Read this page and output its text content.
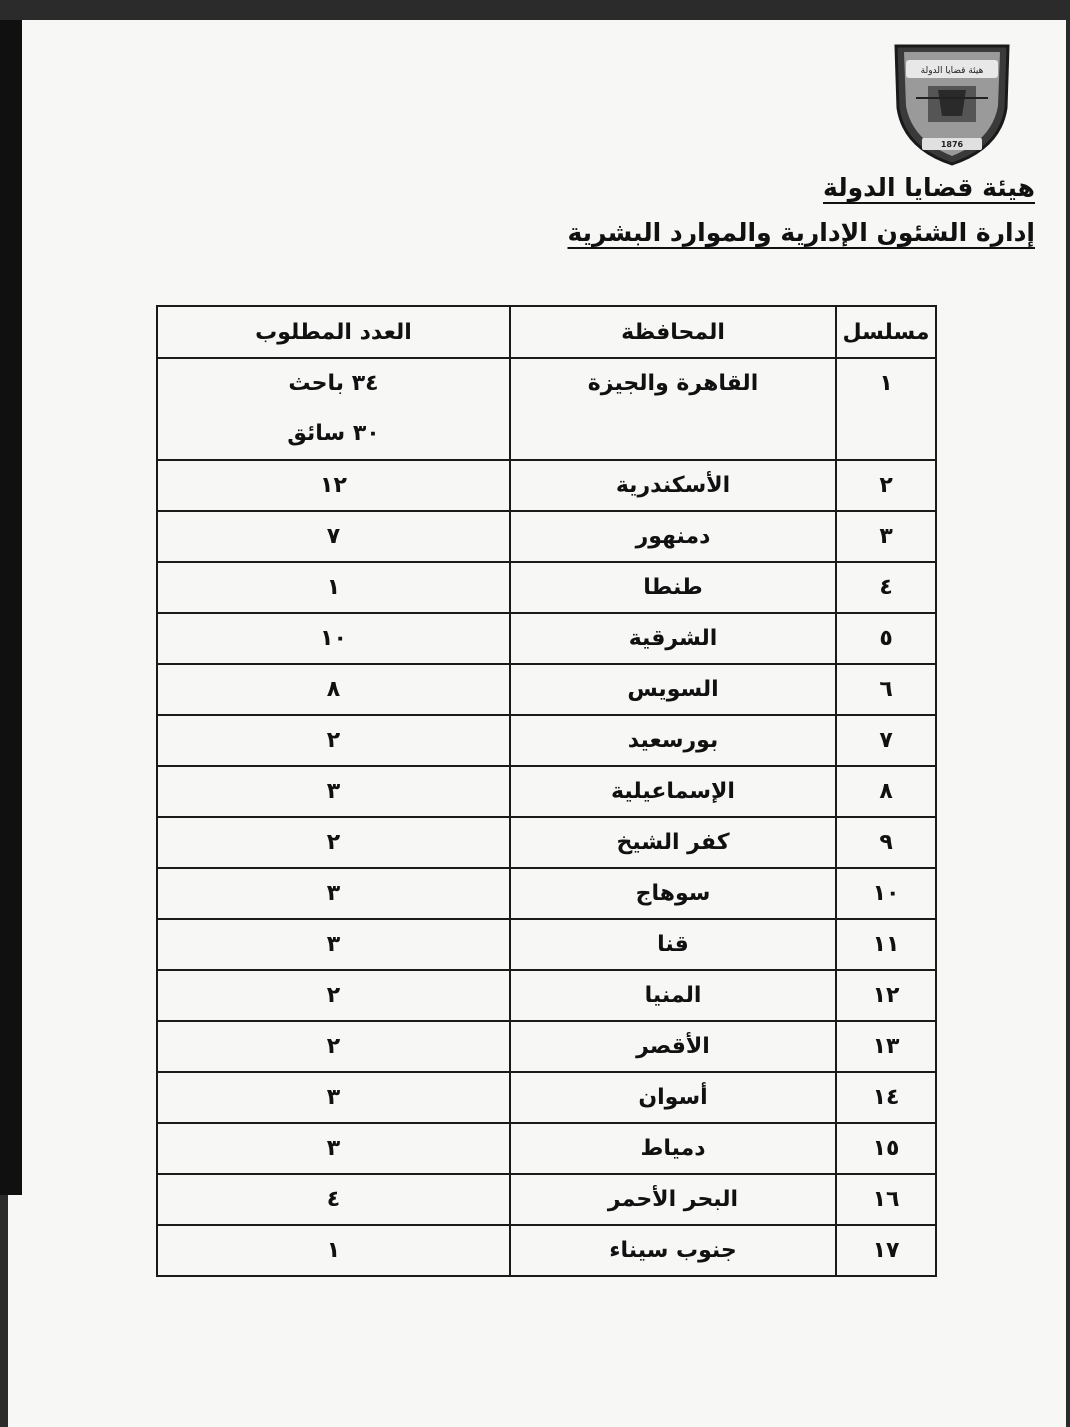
هيئة قضايا الدولة
1876
هيئة قضايا الدولة
إدارة الشئون الإدارية والموارد البشرية
مسلسل	المحافظة	العدد المطلوب
١	القاهرة والجيزة	٣٤ باحث
٣٠ سائق

٢	الأسكندرية	١٢
٣	دمنهور	٧
٤	طنطا	١
٥	الشرقية	١٠
٦	السويس	٨
٧	بورسعيد	٢
٨	الإسماعيلية	٣
٩	كفر الشيخ	٢
١٠	سوهاج	٣
١١	قنا	٣
١٢	المنيا	٢
١٣	الأقصر	٢
١٤	أسوان	٣
١٥	دمياط	٣
١٦	البحر الأحمر	٤
١٧	جنوب سيناء	١
